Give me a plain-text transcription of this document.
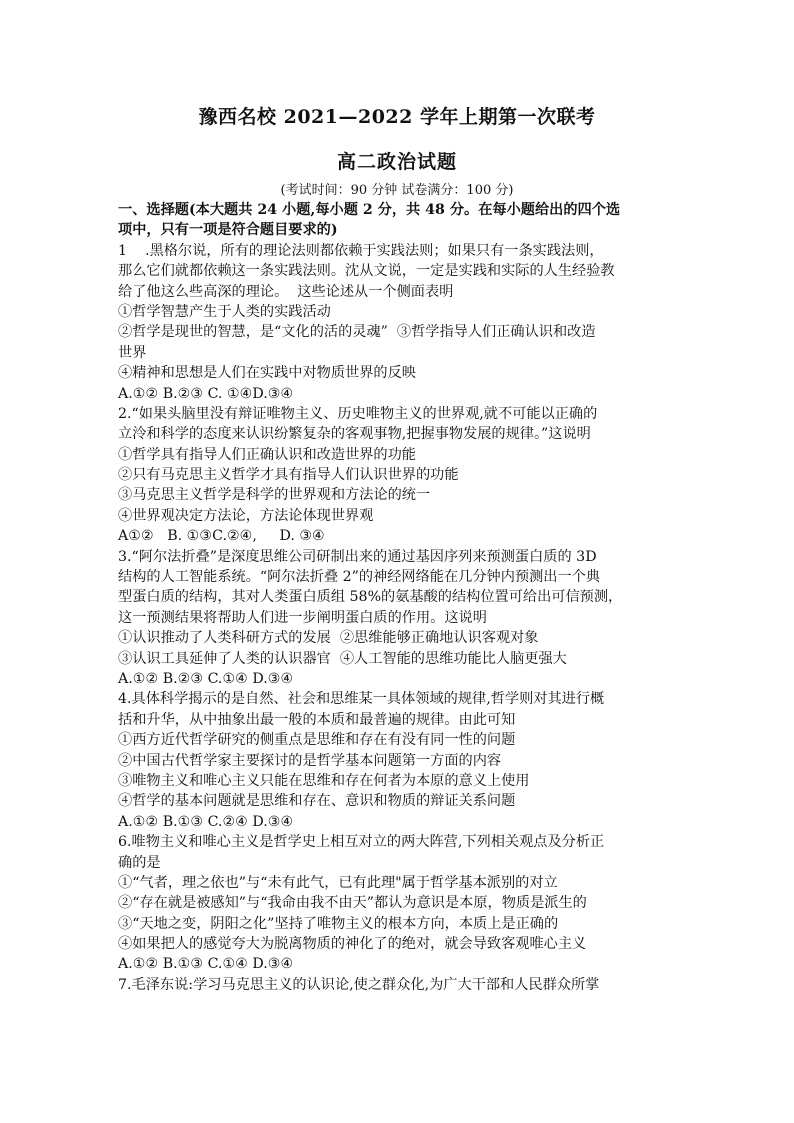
豫西名校 2021—2022 学年上期第一次联考
高二政治试题
(考试时间：90 分钟 试卷满分：100 分)
一、选择题(本大题共 24 小题,每小题 2 分，共 48 分。在每小题给出的四个选
项中，只有一项是符合题目要求的)
1    .黑格尔说，所有的理论法则都依赖于实践法则；如果只有一条实践法则，
那么它们就都依赖这一条实践法则。沈从文说，一定是实践和实际的人生经验教
给了他这么些高深的理论。  这些论述从一个侧面表明
①哲学智慧产生于人类的实践活动
②哲学是现世的智慧，是“文化的活的灵魂”  ③哲学指导人们正确认识和改造
世界
④精神和思想是人们在实践中对物质世界的反映
A.①② B.②③ C. ①④D.③④
2.“如果头脑里没有辩证唯物主义、历史唯物主义的世界观,就不可能以正确的
立泠和科学的态度来认识纷繁复杂的客观事物,把握事物发展的规律。”这说明
①哲学具有指导人们正确认识和改造世界的功能
②只有马克思主义哲学才具有指导人们认识世界的功能
③马克思主义哲学是科学的世界观和方法论的统一
④世界观决定方法论，方法论体现世界观
A①②   B. ①③C.②④,     D. ③④
3.“阿尔法折叠”是深度思维公司研制出来的通过基因序列来预测蛋白质的 3D
结构的人工智能系统。“阿尔法折叠 2”的神经网络能在几分钟内预测出一个典
型蛋白质的结构，其对人类蛋白质组 58%的氨基酸的结构位置可给出可信预测，
这一预测结果将帮助人们进一步阐明蛋白质的作用。这说明
①认识推动了人类科研方式的发展  ②思维能够正确地认识客观对象
③认识工具延伸了人类的认识器官  ④人工智能的思维功能比人脑更强大
A.①② B.②③ C.①④ D.③④
4.具体科学揭示的是自然、社会和思维某一具体领域的规律,哲学则对其进行概
括和升华，从中抽象出最一般的本质和最普遍的规律。由此可知
①西方近代哲学研究的侧重点是思维和存在有没有同一性的问题
②中国古代哲学家主要探讨的是哲学基本问题第一方面的内容
③唯物主义和唯心主义只能在思维和存在何者为本原的意义上使用
④哲学的基本问题就是思维和存在、意识和物质的辩证关系问题
A.①② B.①③ C.②④ D.③④
6.唯物主义和唯心主义是哲学史上相互对立的两大阵营,下列相关观点及分析正
确的是
①“气者，理之依也”与“未有此气，已有此理"属于哲学基本派别的对立
②“存在就是被感知”与“我命由我不由天”都认为意识是本原，物质是派生的
③“天地之变，阴阳之化”坚持了唯物主义的根本方向，本质上是正确的
④如果把人的感觉夸大为脱离物质的神化了的绝对，就会导致客观唯心主义
A.①② B.①③ C.①④ D.③④
7.毛泽东说:学习马克思主义的认识论,使之群众化,为广大干部和人民群众所掌
